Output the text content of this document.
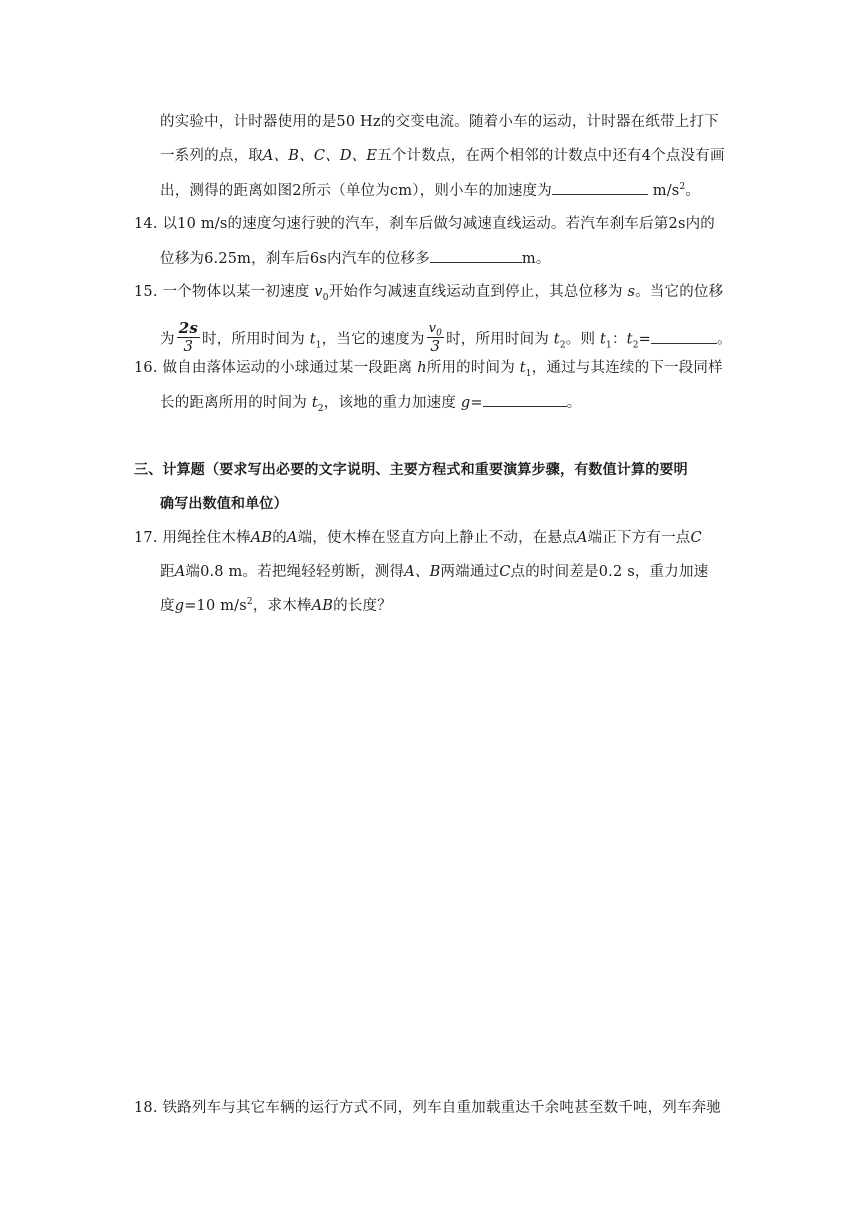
的实验中，计时器使用的是50 Hz的交变电流。随着小车的运动，计时器在纸带上打下
一系列的点，取A、B、C、D、E五个计数点，在两个相邻的计数点中还有4个点没有画
出，测得的距离如图2所示（单位为cm），则小车的加速度为	$m/s^2$。
14. 以10 m/s的速度匀速行驶的汽车，刹车后做匀减速直线运动。若汽车刹车后第2s内的
位移为6.25m，刹车后6s内汽车的位移多	m。
15. 一个物体以某一初速度 $v_0$开始作匀减速直线运动直到停止，其总位移为 s。当它的位移
为 $\frac{2s}{3}$ 时，所用时间为 $t_1$，当它的速度为 $\frac{v_0}{3}$ 时，所用时间为 $t_2$。则 $t_1$：$t_2=$	。
16. 做自由落体运动的小球通过某一段距离 h所用的时间为 $t_1$，通过与其连续的下一段同样
长的距离所用的时间为 $t_2$，该地的重力加速度 g=	。
三、计算题（要求写出必要的文字说明、主要方程式和重要演算步骤，有数值计算的要明
确写出数值和单位）
17. 用绳拴住木棒AB的A端，使木棒在竖直方向上静止不动，在悬点A端正下方有一点C
距A端0.8 m。若把绳轻轻剪断，测得A、B两端通过C点的时间差是0.2 s，重力加速
度g=10 $m/s^2$，求木棒AB的长度？
18. 铁路列车与其它车辆的运行方式不同，列车自重加载重达千余吨甚至数千吨，列车奔驰
